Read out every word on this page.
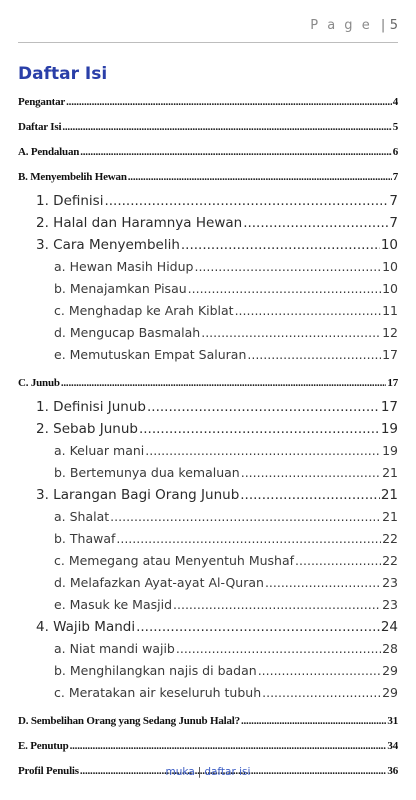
P a g e | 5
Daftar Isi
Pengantar .....	4
Daftar Isi .....	5
A. Pendaluan .....	6
B. Menyembelih Hewan .....	7
1. Definisi .....	7
2. Halal dan Haramnya Hewan .....	7
3. Cara Menyembelih .....	10
a. Hewan Masih Hidup .....	10
b. Menajamkan Pisau .....	10
c. Menghadap ke Arah Kiblat .....	11
d. Mengucap Basmalah .....	12
e. Memutuskan Empat Saluran .....	17
C. Junub .....	17
1. Definisi Junub .....	17
2. Sebab Junub .....	19
a. Keluar mani .....	19
b. Bertemunya dua kemaluan .....	21
3. Larangan Bagi Orang Junub .....	21
a. Shalat .....	21
b. Thawaf .....	22
c. Memegang atau Menyentuh Mushaf .....	22
d. Melafazkan Ayat-ayat Al-Quran .....	23
e. Masuk ke Masjid .....	23
4. Wajib Mandi .....	24
a. Niat mandi wajib .....	28
b. Menghilangkan najis di badan .....	29
c. Meratakan air keseluruh tubuh .....	29
D. Sembelihan Orang yang Sedang Junub Halal? .....	31
E. Penutup .....	34
Profil Penulis .....	36
muka | daftar isi
